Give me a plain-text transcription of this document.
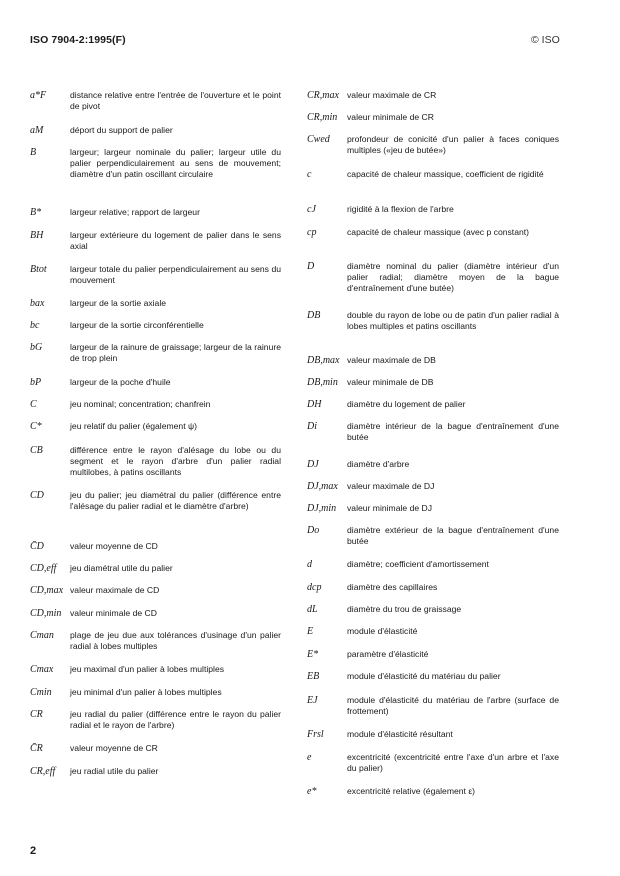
ISO 7904-2:1995(F)	© ISO
a*F	distance relative entre l'entrée de l'ouverture et le point de pivot
aM	déport du support de palier
B	largeur; largeur nominale du palier; largeur utile du palier perpendiculairement au sens de mouvement; diamètre d'un patin oscillant circulaire
B*	largeur relative; rapport de largeur
BH	largeur extérieure du logement de palier dans le sens axial
Btot	largeur totale du palier perpendiculairement au sens du mouvement
bax	largeur de la sortie axiale
bc	largeur de la sortie circonférentielle
bG	largeur de la rainure de graissage; largeur de la rainure de trop plein
bP	largeur de la poche d'huile
C	jeu nominal; concentration; chanfrein
C*	jeu relatif du palier (également ψ)
CB	différence entre le rayon d'alésage du lobe ou du segment et le rayon d'arbre d'un palier radial multilobes, à patins oscillants
CD	jeu du palier; jeu diamétral du palier (différence entre l'alésage du palier radial et le diamètre d'arbre)
C̄D	valeur moyenne de CD
CD,eff	jeu diamétral utile du palier
CD,max valeur maximale de CD
CD,min valeur minimale de CD
Cman	plage de jeu due aux tolérances d'usinage d'un palier radial à lobes multiples
Cmax	jeu maximal d'un palier à lobes multiples
Cmin	jeu minimal d'un palier à lobes multiples
CR	jeu radial du palier (différence entre le rayon du palier radial et le rayon de l'arbre)
C̄R	valeur moyenne de CR
CR,eff	jeu radial utile du palier
CR,max valeur maximale de CR
CR,min	valeur minimale de CR
Cwed	profondeur de conicité d'un palier à faces coniques multiples («jeu de butée»)
c	capacité de chaleur massique, coefficient de rigidité
cJ	rigidité à la flexion de l'arbre
cp	capacité de chaleur massique (avec p constant)
D	diamètre nominal du palier (diamètre intérieur d'un palier radial; diamètre moyen de la bague d'entraînement d'une butée)
DB	double du rayon de lobe ou de patin d'un palier radial à lobes multiples et patins oscillants
DB,max valeur maximale de DB
DB,min	valeur minimale de DB
DH	diamètre du logement de palier
Di	diamètre intérieur de la bague d'entraînement d'une butée
DJ	diamètre d'arbre
DJ,max	valeur maximale de DJ
DJ,min	valeur minimale de DJ
Do	diamètre extérieur de la bague d'entraînement d'une butée
d	diamètre; coefficient d'amortissement
dcp	diamètre des capillaires
dL	diamètre du trou de graissage
E	module d'élasticité
E*	paramètre d'élasticité
EB	module d'élasticité du matériau du palier
EJ	module d'élasticité du matériau de l'arbre (surface de frottement)
Frsl	module d'élasticité résultant
e	excentricité (excentricité entre l'axe d'un arbre et l'axe du palier)
e*	excentricité relative (également ε)
2
